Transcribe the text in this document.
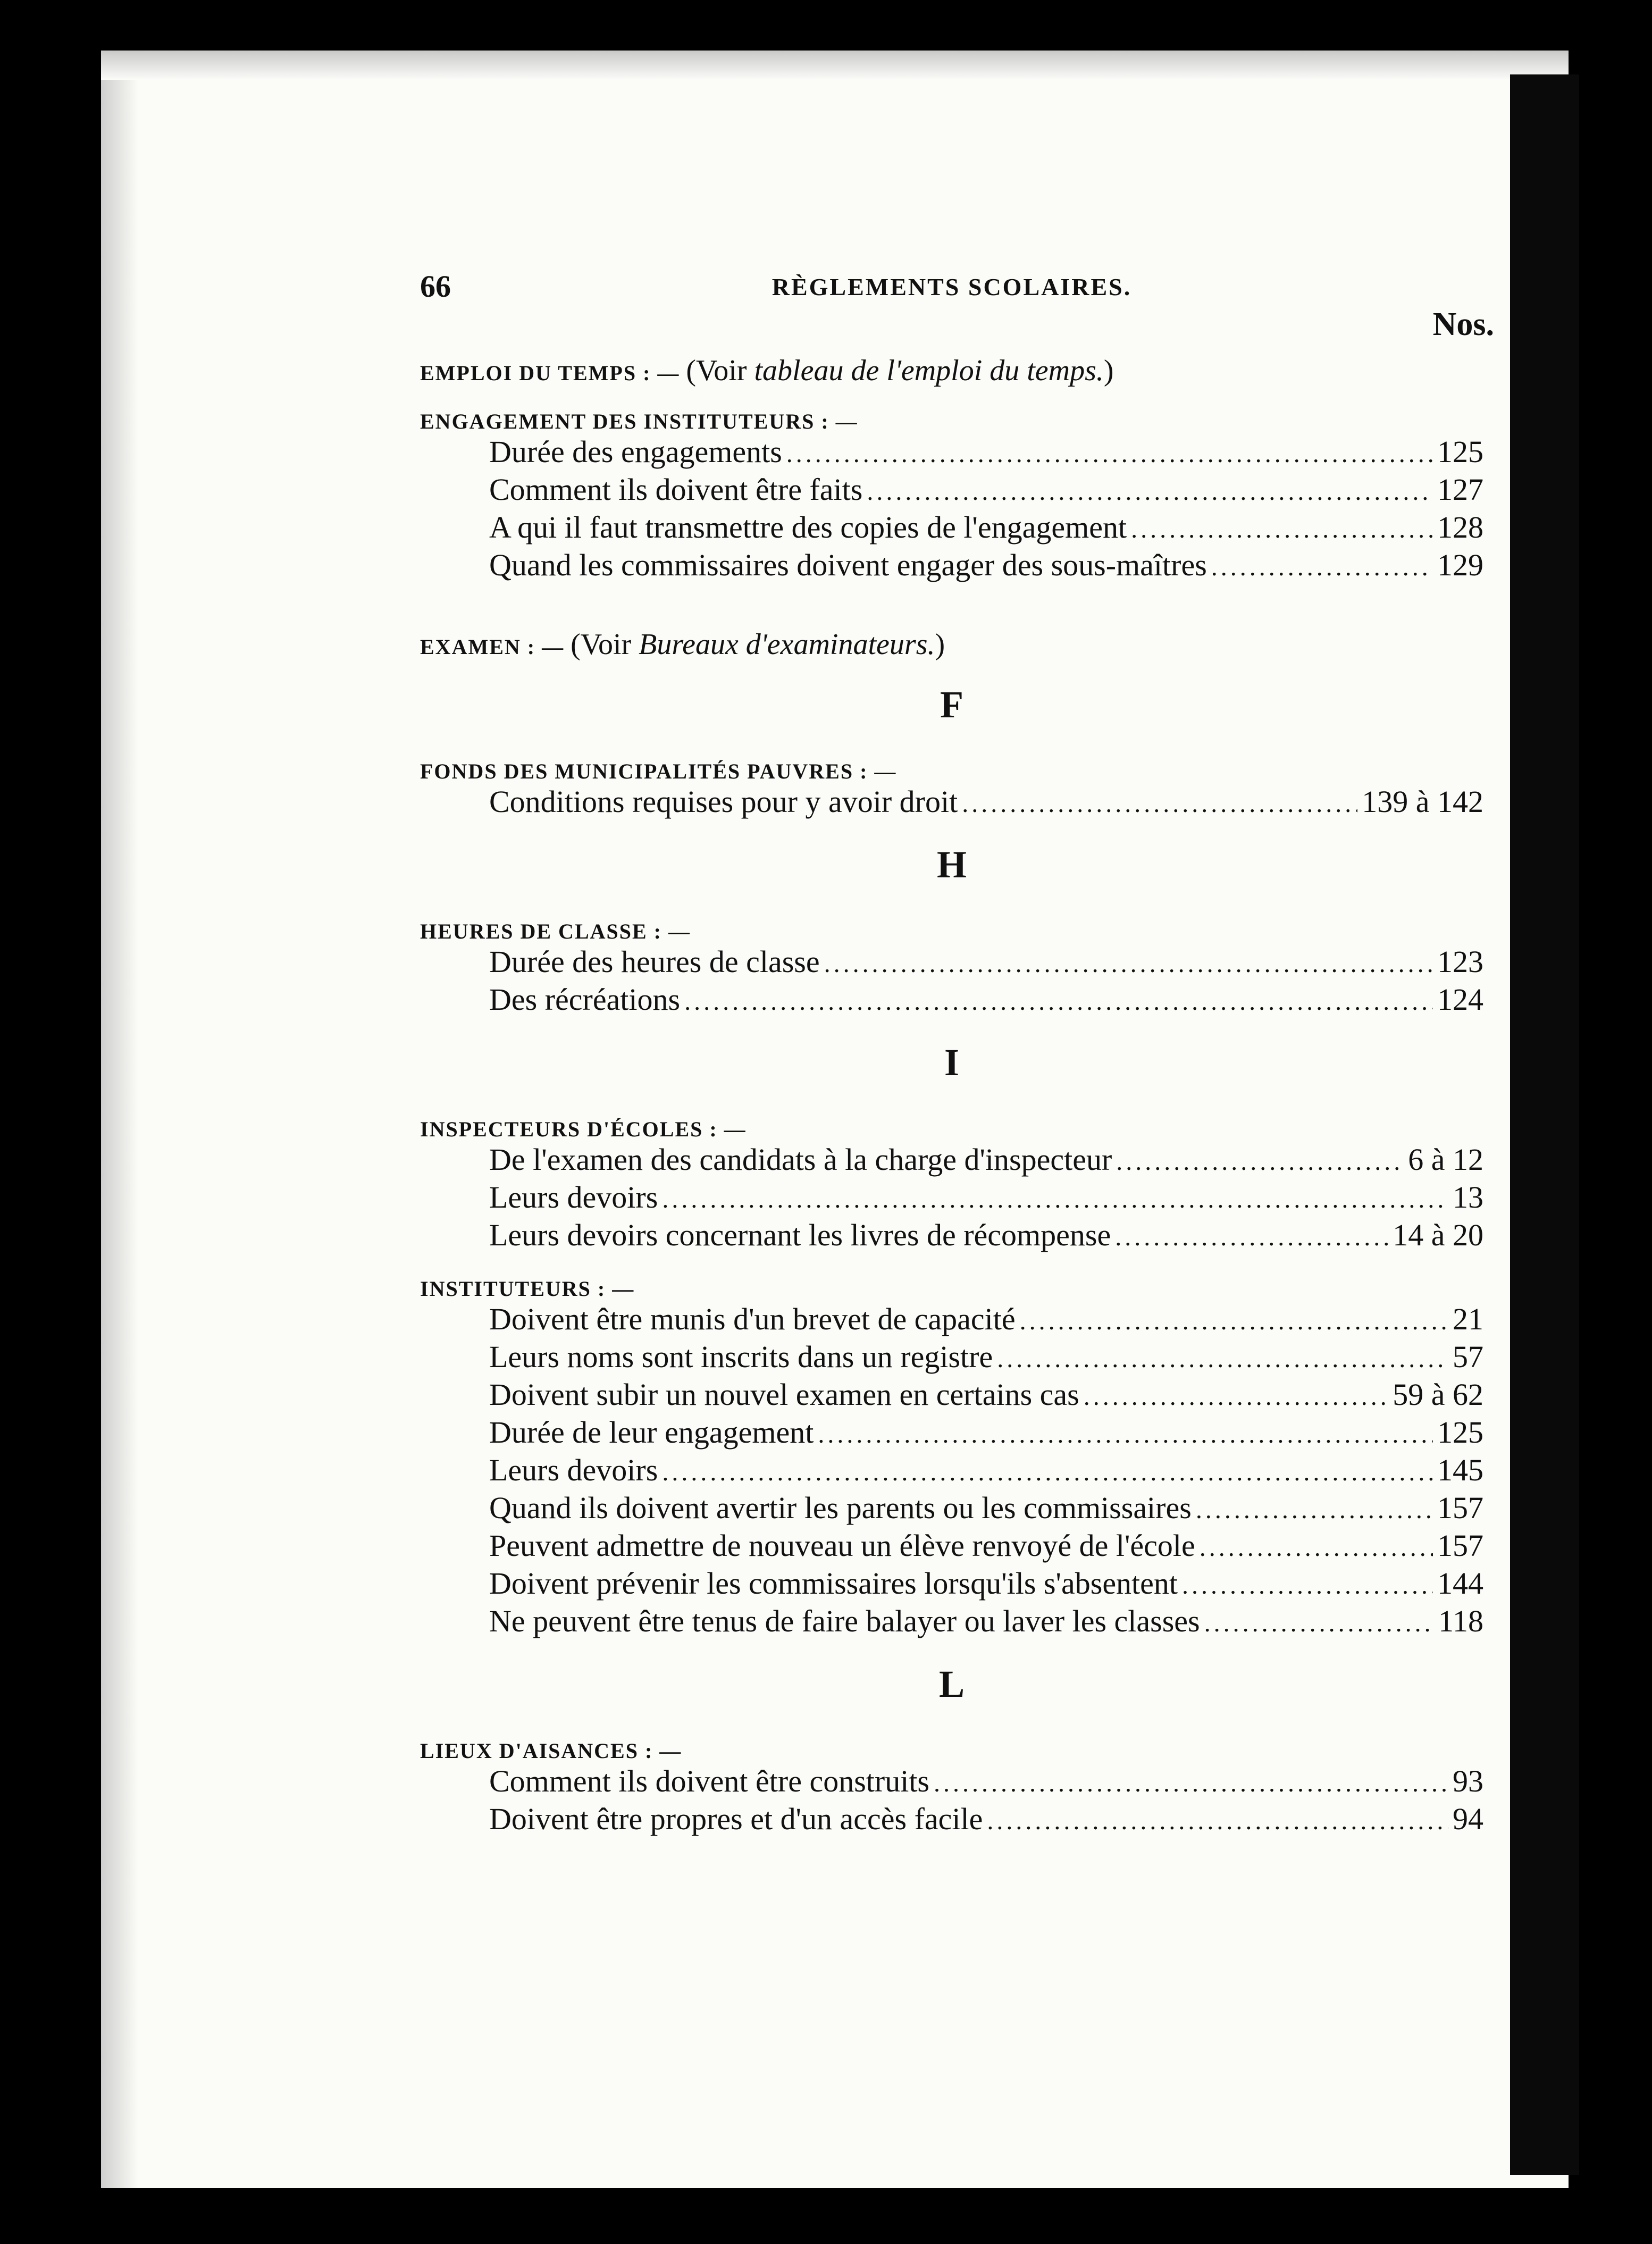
66	RÈGLEMENTS SCOLAIRES.
Nos.
EMPLOI DU TEMPS : — (Voir tableau de l'emploi du temps.)
ENGAGEMENT DES INSTITUTEURS : —
Durée des engagements .....	125
Comment ils doivent être faits .....	127
A qui il faut transmettre des copies de l'engagement .....	128
Quand les commissaires doivent engager des sous-maîtres .....	129
EXAMEN : — (Voir Bureaux d'examinateurs.)
F
FONDS DES MUNICIPALITÉS PAUVRES : —
Conditions requises pour y avoir droit .....	139 à 142
H
HEURES DE CLASSE : —
Durée des heures de classe .....	123
Des récréations .....	124
I
INSPECTEURS D'ÉCOLES : —
De l'examen des candidats à la charge d'inspecteur .....	6 à 12
Leurs devoirs .....	13
Leurs devoirs concernant les livres de récompense .....	14 à 20
INSTITUTEURS : —
Doivent être munis d'un brevet de capacité .....	21
Leurs noms sont inscrits dans un registre .....	57
Doivent subir un nouvel examen en certains cas .....	59 à 62
Durée de leur engagement .....	125
Leurs devoirs .....	145
Quand ils doivent avertir les parents ou les commissaires .....	157
Peuvent admettre de nouveau un élève renvoyé de l'école .....	157
Doivent prévenir les commissaires lorsqu'ils s'absentent .....	144
Ne peuvent être tenus de faire balayer ou laver les classes .....	118
L
LIEUX D'AISANCES : —
Comment ils doivent être construits .....	93
Doivent être propres et d'un accès facile .....	94
